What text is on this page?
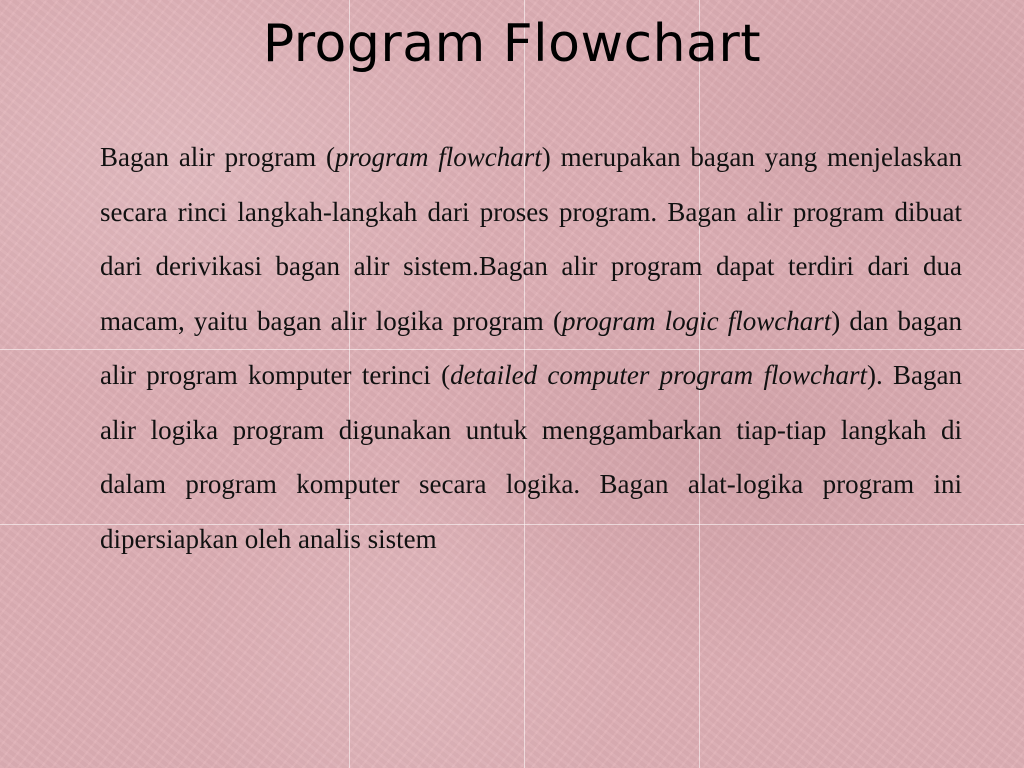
Program Flowchart

Bagan alir program (program flowchart) merupakan bagan yang menjelaskan secara rinci langkah-langkah dari proses program. Bagan alir program dibuat dari derivikasi bagan alir sistem.Bagan alir program dapat terdiri dari dua macam, yaitu bagan alir logika program (program logic flowchart) dan bagan alir program komputer terinci (detailed computer program flowchart). Bagan alir logika program digunakan untuk menggambarkan tiap-tiap langkah di dalam program komputer secara logika. Bagan alat-logika program ini dipersiapkan oleh analis sistem
